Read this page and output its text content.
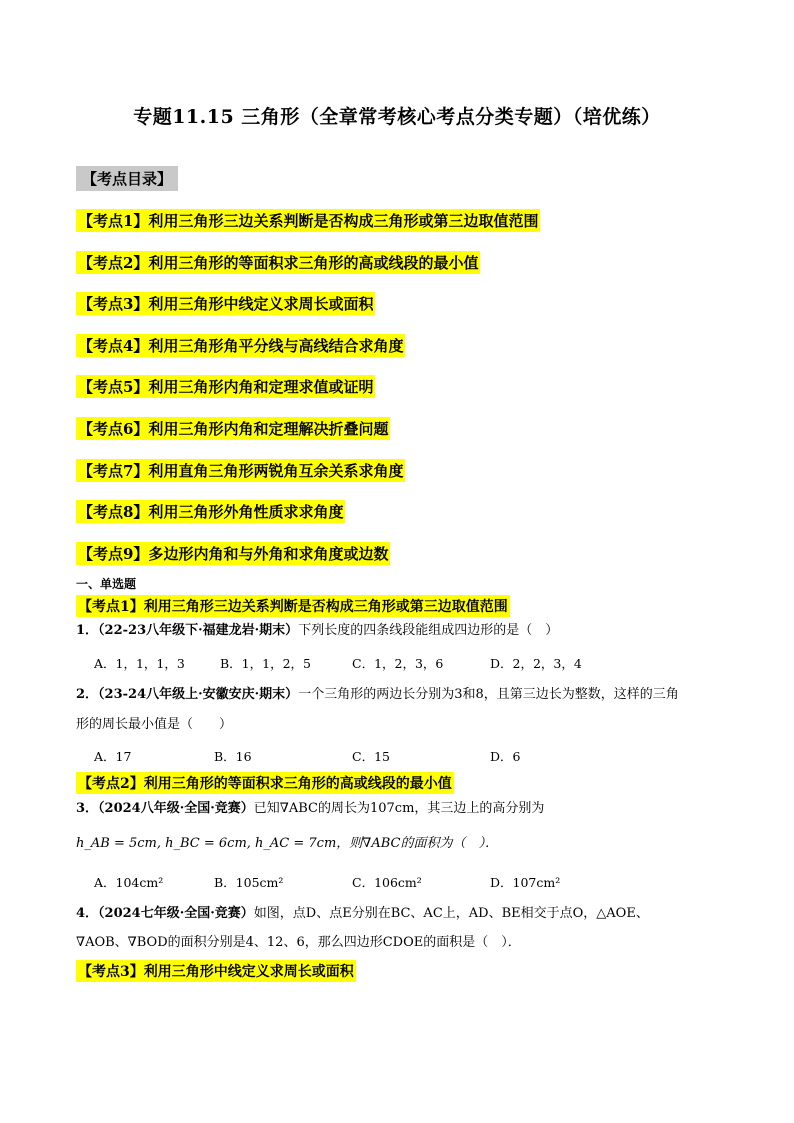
专题11.15 三角形（全章常考核心考点分类专题）（培优练）
【考点目录】
【考点1】利用三角形三边关系判断是否构成三角形或第三边取值范围
【考点2】利用三角形的等面积求三角形的高或线段的最小值
【考点3】利用三角形中线定义求周长或面积
【考点4】利用三角形角平分线与高线结合求角度
【考点5】利用三角形内角和定理求值或证明
【考点6】利用三角形内角和定理解决折叠问题
【考点7】利用直角三角形两锐角互余关系求角度
【考点8】利用三角形外角性质求求角度
【考点9】多边形内角和与外角和求角度或边数
一、单选题
【考点1】利用三角形三边关系判断是否构成三角形或第三边取值范围
1．（22-23八年级下·福建龙岩·期末）下列长度的四条线段能组成四边形的是（　）
A．1，1，1，3	B．1，1，2，5	C．1，2，3，6	D．2，2，3，4
2．（23-24八年级上·安徽安庆·期末）一个三角形的两边长分别为3和8，且第三边长为整数，这样的三角
形的周长最小值是（　　）
A．17	B．16	C．15	D．6
【考点2】利用三角形的等面积求三角形的高或线段的最小值
3．（2024八年级·全国·竞赛）已知∇ABC的周长为107cm，其三边上的高分别为
h_AB = 5cm, h_BC = 6cm, h_AC = 7cm，则∇ABC的面积为（　）．
A．104cm²	B．105cm²	C．106cm²	D．107cm²
4．（2024七年级·全国·竞赛）如图，点D、点E分别在BC、AC上，AD、BE相交于点O，△AOE、
∇AOB、∇BOD的面积分别是4、12、6，那么四边形CDOE的面积是（　）．
【考点3】利用三角形中线定义求周长或面积
